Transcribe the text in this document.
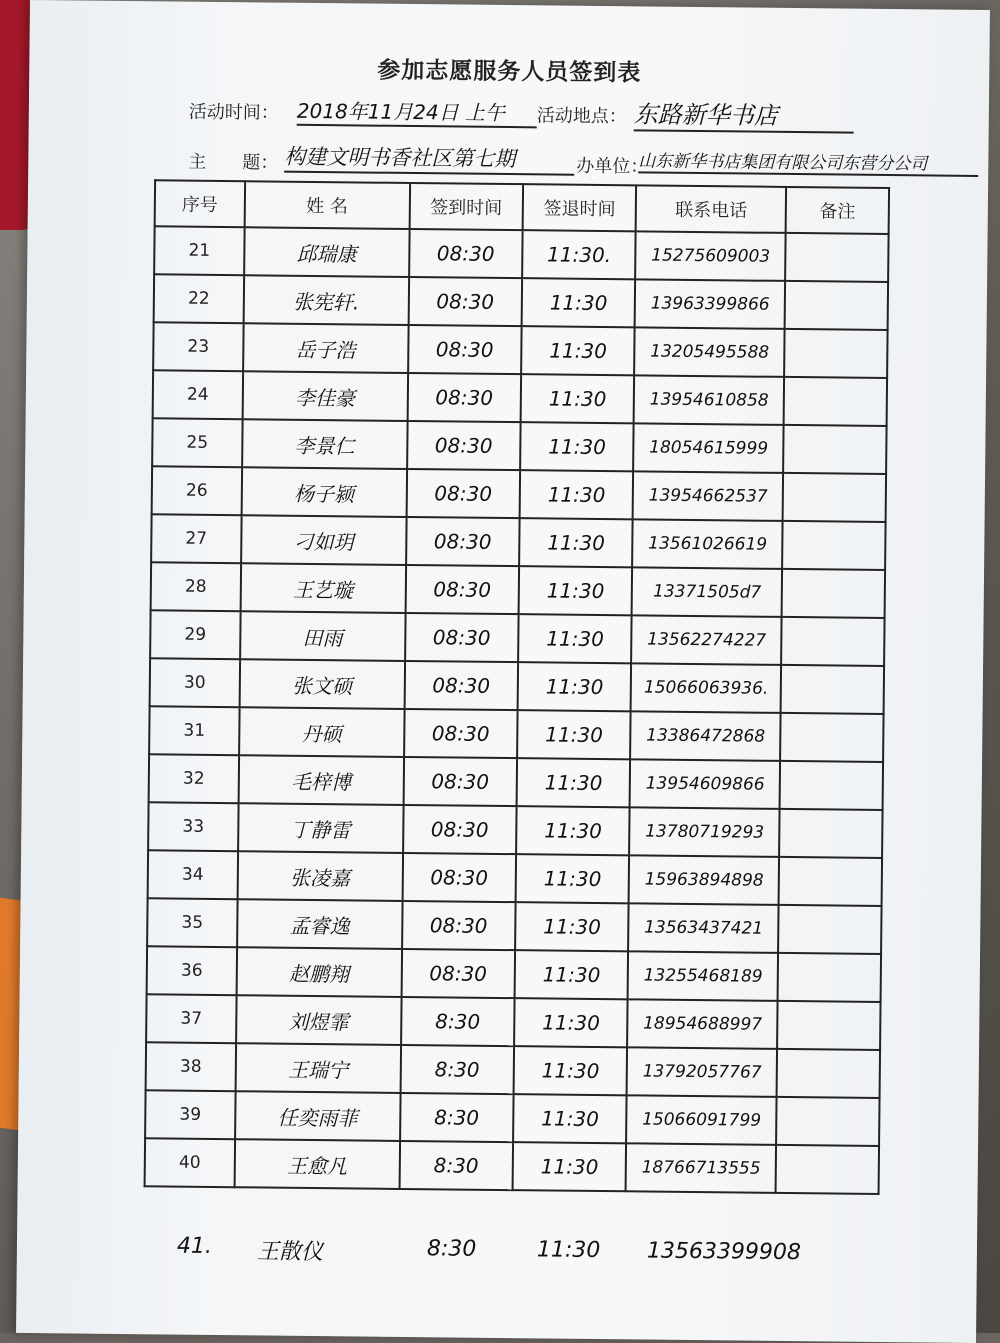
参加志愿服务人员签到表
活动时间： 2018年11月24日 上午	活动地点： 东路新华书店
主　　题： 构建文明书香社区第七期	办单位：
山东新华书店集团有限公司东营分公司
序号	姓 名	签到时间	签退时间	联系电话	备注
21	邱瑞康	08:30	11:30.	15275609003	
22	张宪轩.	08:30	11:30	13963399866	
23	岳子浩	08:30	11:30	13205495588	
24	李佳豪	08:30	11:30	13954610858	
25	李景仁	08:30	11:30	18054615999	
26	杨子颍	08:30	11:30	13954662537	
27	刁如玥	08:30	11:30	13561026619	
28	王艺璇	08:30	11:30	13371505d7	
29	田雨	08:30	11:30	13562274227	
30	张文硕	08:30	11:30	15066063936.	
31	丹硕	08:30	11:30	13386472868	
32	毛梓博	08:30	11:30	13954609866	
33	丁静雷	08:30	11:30	13780719293	
34	张凌嘉	08:30	11:30	15963894898	
35	孟睿逸	08:30	11:30	13563437421	
36	赵鹏翔	08:30	11:30	13255468189	
37	刘煜霏	8:30	11:30	18954688997	
38	王瑞宁	8:30	11:30	13792057767	
39	任奕雨菲	8:30	11:30	15066091799	
40	王愈凡	8:30	11:30	18766713555	
41. 王散仪	8:30	11:30 13563399908
